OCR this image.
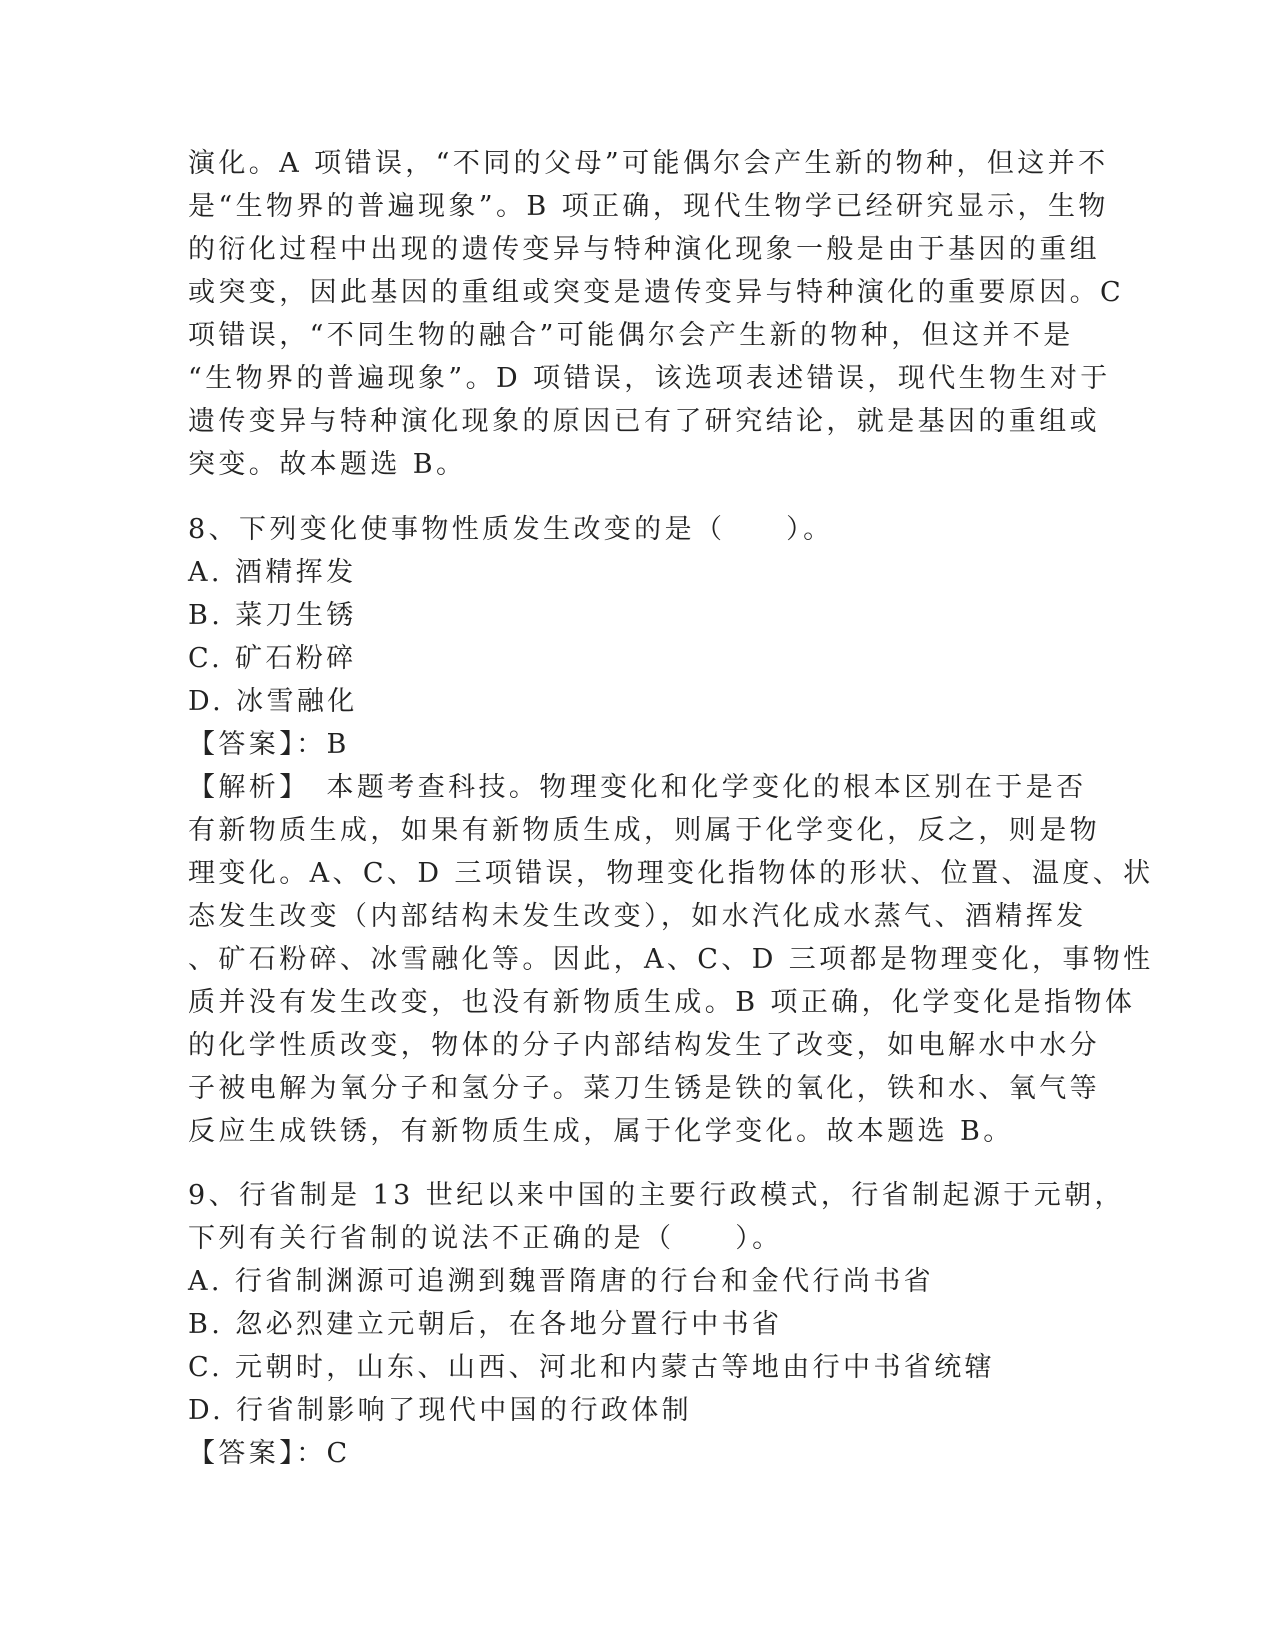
演化。A 项错误，“不同的父母”可能偶尔会产生新的物种，但这并不
是“生物界的普遍现象”。B 项正确，现代生物学已经研究显示，生物
的衍化过程中出现的遗传变异与特种演化现象一般是由于基因的重组
或突变，因此基因的重组或突变是遗传变异与特种演化的重要原因。C
项错误，“不同生物的融合”可能偶尔会产生新的物种，但这并不是
“生物界的普遍现象”。D 项错误，该选项表述错误，现代生物生对于
遗传变异与特种演化现象的原因已有了研究结论，就是基因的重组或
突变。故本题选 B。
8、下列变化使事物性质发生改变的是（　　）。
A. 酒精挥发
B. 菜刀生锈
C. 矿石粉碎
D. 冰雪融化
【答案】：B
【解析】　本题考查科技。物理变化和化学变化的根本区别在于是否
有新物质生成，如果有新物质生成，则属于化学变化，反之，则是物
理变化。A、C、D 三项错误，物理变化指物体的形状、位置、温度、状
态发生改变（内部结构未发生改变），如水汽化成水蒸气、酒精挥发
、矿石粉碎、冰雪融化等。因此，A、C、D 三项都是物理变化，事物性
质并没有发生改变，也没有新物质生成。B 项正确，化学变化是指物体
的化学性质改变，物体的分子内部结构发生了改变，如电解水中水分
子被电解为氧分子和氢分子。菜刀生锈是铁的氧化，铁和水、氧气等
反应生成铁锈，有新物质生成，属于化学变化。故本题选 B。
9、行省制是 13 世纪以来中国的主要行政模式，行省制起源于元朝，
下列有关行省制的说法不正确的是（　　）。
A. 行省制渊源可追溯到魏晋隋唐的行台和金代行尚书省
B. 忽必烈建立元朝后，在各地分置行中书省
C. 元朝时，山东、山西、河北和内蒙古等地由行中书省统辖
D. 行省制影响了现代中国的行政体制
【答案】：C
